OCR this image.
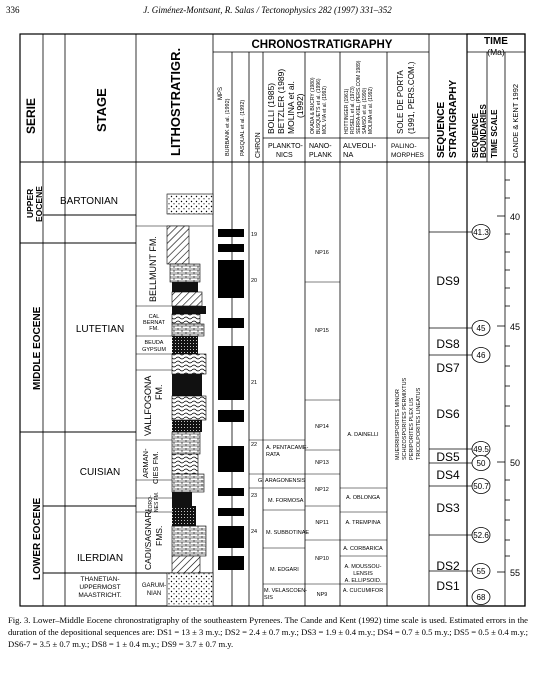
336	J. Giménez-Montsant, R. Salas / Tectonophysics 282 (1997) 331–352
SERIE	STAGE	LITHOSTRATIGR.
CHRONOSTRATIGRAPHY
MPS
BURBANK et al. (1992) PASQUAL et al. (1992) CHRON
BOLLI (1985) BETZLER (1989) MOLINA et al. (1992)
PLANKTO-
NICS
OKADA & BUCRY (1980) BUSQUETS et al. (1996) MOL VIA et al. (1992)
NANO-
PLANK
HOTTINGER (1961) ROSELL et al. (1973) SERRA-KIEL (PERS.COM 1989) SAMSÓ et al. (1990) MOLINA et al. (1992)
ALVEOLI-
NA
SOLE DE PORTA (1991, PERS.COM.)
PALINO-
MORPHES SEQUENCE STRATIGRAPHY
TIME
(Ma)
SEQUENCE BOUNDARIES TIME SCALE CANDE & KENT 1992
UPPER EOCENE
MIDDLE EOCENE
LOWER EOCENE
BARTONIAN
LUTETIAN
CUISIAN
ILERDIAN
THANETIAN-UPPERMOST MAASTRICHT.
BELLMUNT FM.
CAL
BERNAT
FM.
BEUDA
GYPSUM
VALLFOGONA FM.
ARMAN- CIES FM.
CORO- NES FM.
CADI/SAGNARI FMS.
GARUM-
NIAN
19
20
21
22
23
24
A. PENTACAME-RATA
G. ARAGONENSIS
M. FORMOSA
M. SUBBOTINAE
M. EDGARI
M. VELASCOEN-SIS
NP16
NP15
NP14
NP13
NP12
NP11
NP10
NP9
A. DAINELLI
A. OBLONGA
A. TREMPINA
A. CORBARICA
A. MOUSSOU-LENSIS
A. ELLIPSOID.
A. CUCUMIFOR
MUERRIISPORITES MINOR SCHIZOSPORITES PERMIXTUS PERIPORITES PLEX LIS TRICOLPORITES LINEATUS
DS9
DS8
DS7
DS6
DS5
DS4
DS3
DS2
DS1
41.3
45
46
49.5
50
50.7
52.6
55
68
40
45
50
55
Fig. 3. Lower–Middle Eocene chronostratigraphy of the southeastern Pyrenees. The Cande and Kent (1992) time scale is used. Estimated errors in the duration of the depositional sequences are: DS1 = 13 ± 3 m.y.; DS2 = 2.4 ± 0.7 m.y.; DS3 = 1.9 ± 0.4 m.y.; DS4 = 0.7 ± 0.5 m.y.; DS5 = 0.5 ± 0.4 m.y.; DS6-7 = 3.5 ± 0.7 m.y.; DS8 = 1 ± 0.4 m.y.; DS9 = 3.7 ± 0.7 m.y.
